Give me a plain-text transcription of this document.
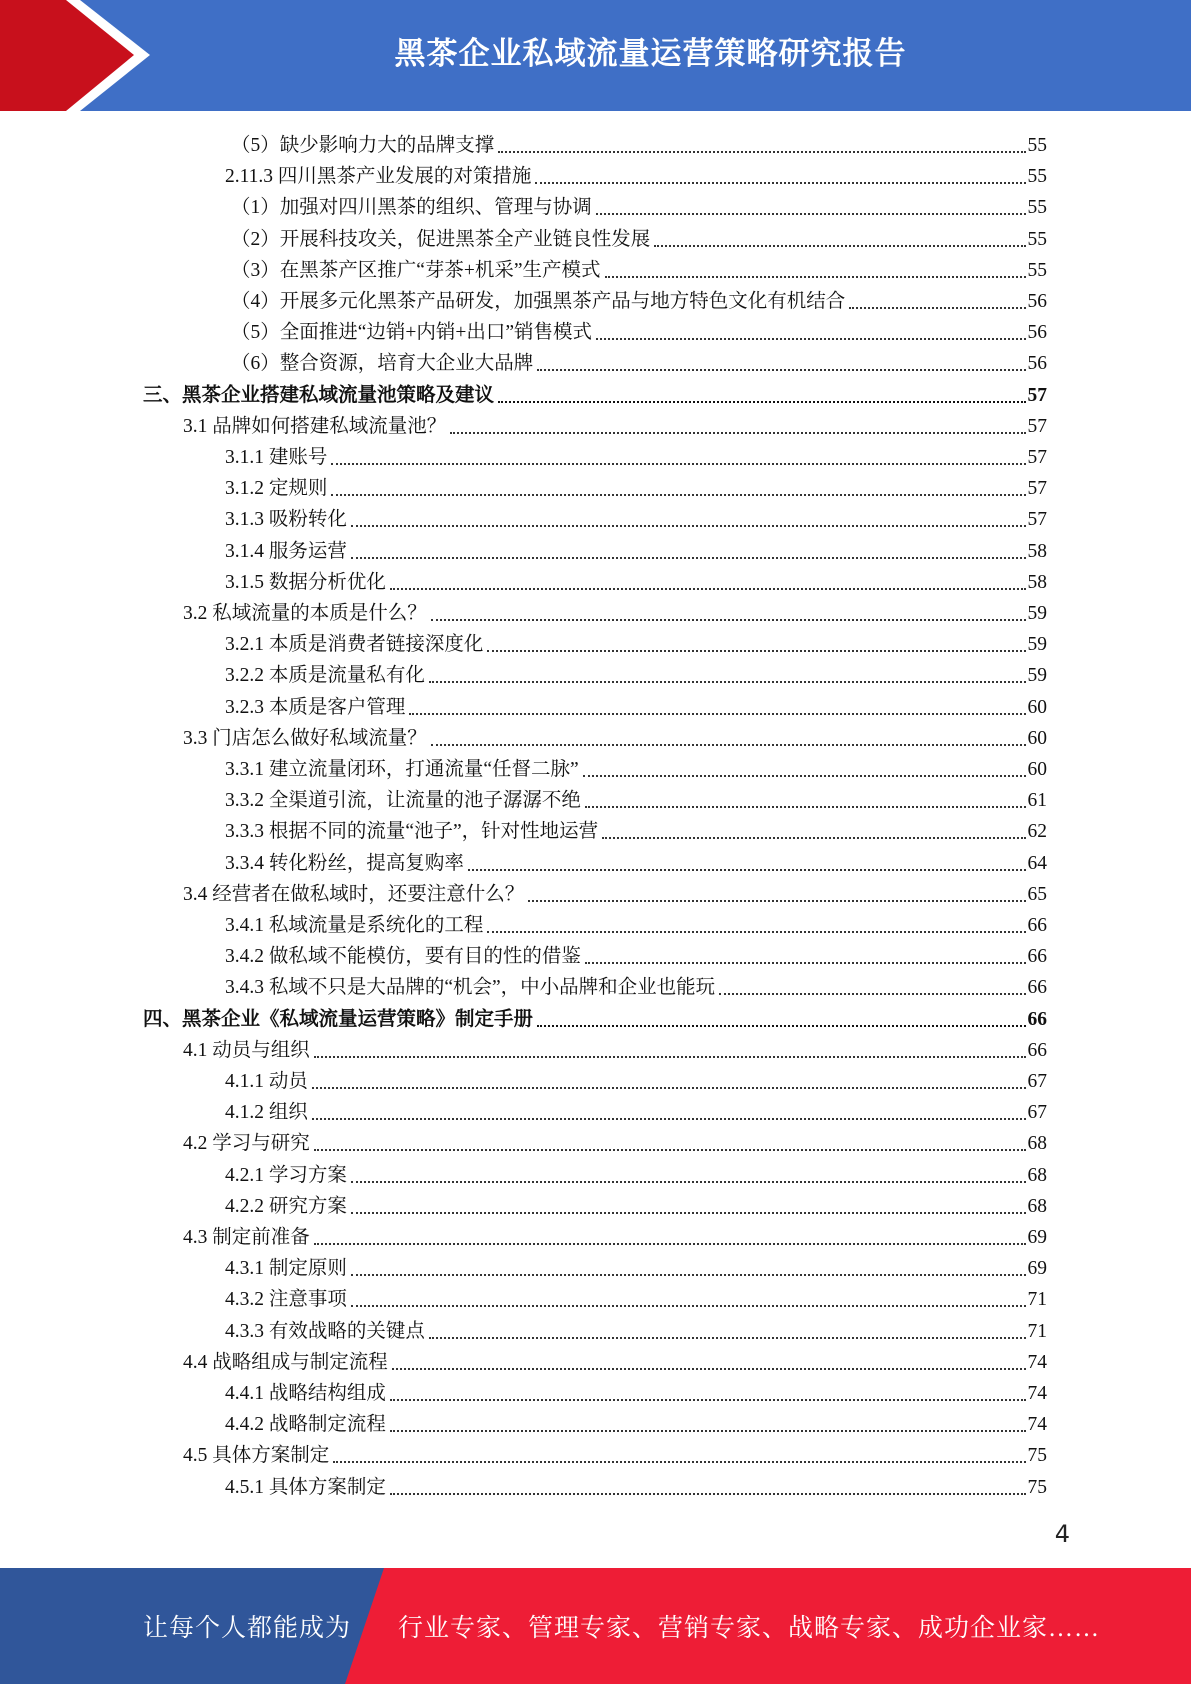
黑茶企业私域流量运营策略研究报告
（5）缺少影响力大的品牌支撑	55
2.11.3 四川黑茶产业发展的对策措施	55
（1）加强对四川黑茶的组织、管理与协调	55
（2）开展科技攻关，促进黑茶全产业链良性发展	55
（3）在黑茶产区推广“芽茶+机采”生产模式	55
（4）开展多元化黑茶产品研发，加强黑茶产品与地方特色文化有机结合	56
（5）全面推进“边销+内销+出口”销售模式	56
（6）整合资源，培育大企业大品牌	56
三、黑茶企业搭建私域流量池策略及建议	57
3.1 品牌如何搭建私域流量池？	57
3.1.1 建账号	57
3.1.2 定规则	57
3.1.3 吸粉转化	57
3.1.4 服务运营	58
3.1.5 数据分析优化	58
3.2 私域流量的本质是什么？	59
3.2.1 本质是消费者链接深度化	59
3.2.2 本质是流量私有化	59
3.2.3 本质是客户管理	60
3.3 门店怎么做好私域流量？	60
3.3.1 建立流量闭环，打通流量“任督二脉”	60
3.3.2 全渠道引流，让流量的池子潺潺不绝	61
3.3.3 根据不同的流量“池子”，针对性地运营	62
3.3.4 转化粉丝，提高复购率	64
3.4 经营者在做私域时，还要注意什么？	65
3.4.1 私域流量是系统化的工程	66
3.4.2 做私域不能模仿，要有目的性的借鉴	66
3.4.3 私域不只是大品牌的“机会”，中小品牌和企业也能玩	66
四、黑茶企业《私域流量运营策略》制定手册	66
4.1 动员与组织	66
4.1.1 动员	67
4.1.2 组织	67
4.2 学习与研究	68
4.2.1 学习方案	68
4.2.2 研究方案	68
4.3 制定前准备	69
4.3.1 制定原则	69
4.3.2 注意事项	71
4.3.3 有效战略的关键点	71
4.4 战略组成与制定流程	74
4.4.1 战略结构组成	74
4.4.2 战略制定流程	74
4.5 具体方案制定	75
4.5.1 具体方案制定	75
4
让每个人都能成为 行业专家、管理专家、营销专家、战略专家、成功企业家……
